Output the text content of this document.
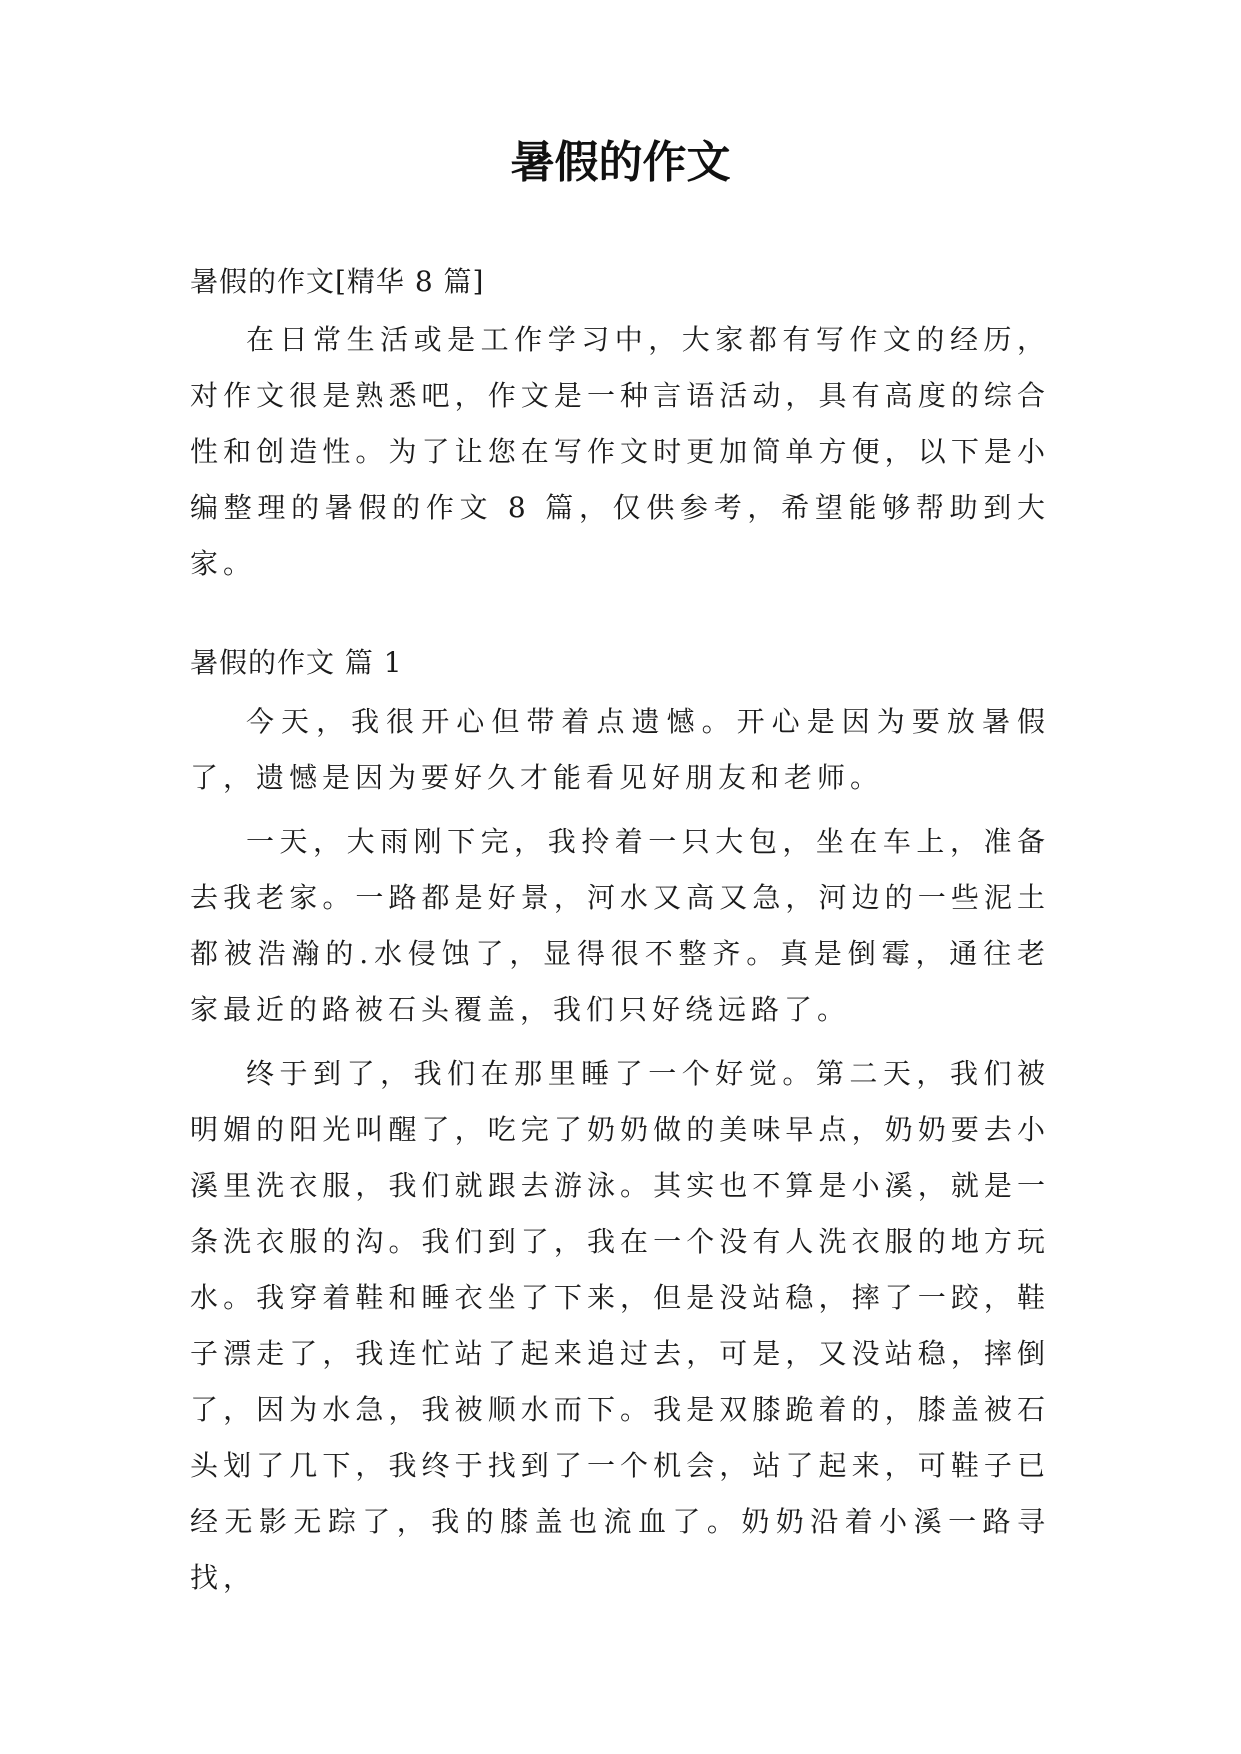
暑假的作文

暑假的作文[精华 8 篇]

在日常生活或是工作学习中，大家都有写作文的经历，对作文很是熟悉吧，作文是一种言语活动，具有高度的综合性和创造性。为了让您在写作文时更加简单方便，以下是小编整理的暑假的作文 8 篇，仅供参考，希望能够帮助到大家。

暑假的作文 篇 1

今天，我很开心但带着点遗憾。开心是因为要放暑假了，遗憾是因为要好久才能看见好朋友和老师。

一天，大雨刚下完，我拎着一只大包，坐在车上，准备去我老家。一路都是好景，河水又高又急，河边的一些泥土都被浩瀚的.水侵蚀了，显得很不整齐。真是倒霉，通往老家最近的路被石头覆盖，我们只好绕远路了。

终于到了，我们在那里睡了一个好觉。第二天，我们被明媚的阳光叫醒了，吃完了奶奶做的美味早点，奶奶要去小溪里洗衣服，我们就跟去游泳。其实也不算是小溪，就是一条洗衣服的沟。我们到了，我在一个没有人洗衣服的地方玩水。我穿着鞋和睡衣坐了下来，但是没站稳，摔了一跤，鞋子漂走了，我连忙站了起来追过去，可是，又没站稳，摔倒了，因为水急，我被顺水而下。我是双膝跪着的，膝盖被石头划了几下，我终于找到了一个机会，站了起来，可鞋子已经无影无踪了，我的膝盖也流血了。奶奶沿着小溪一路寻找，
